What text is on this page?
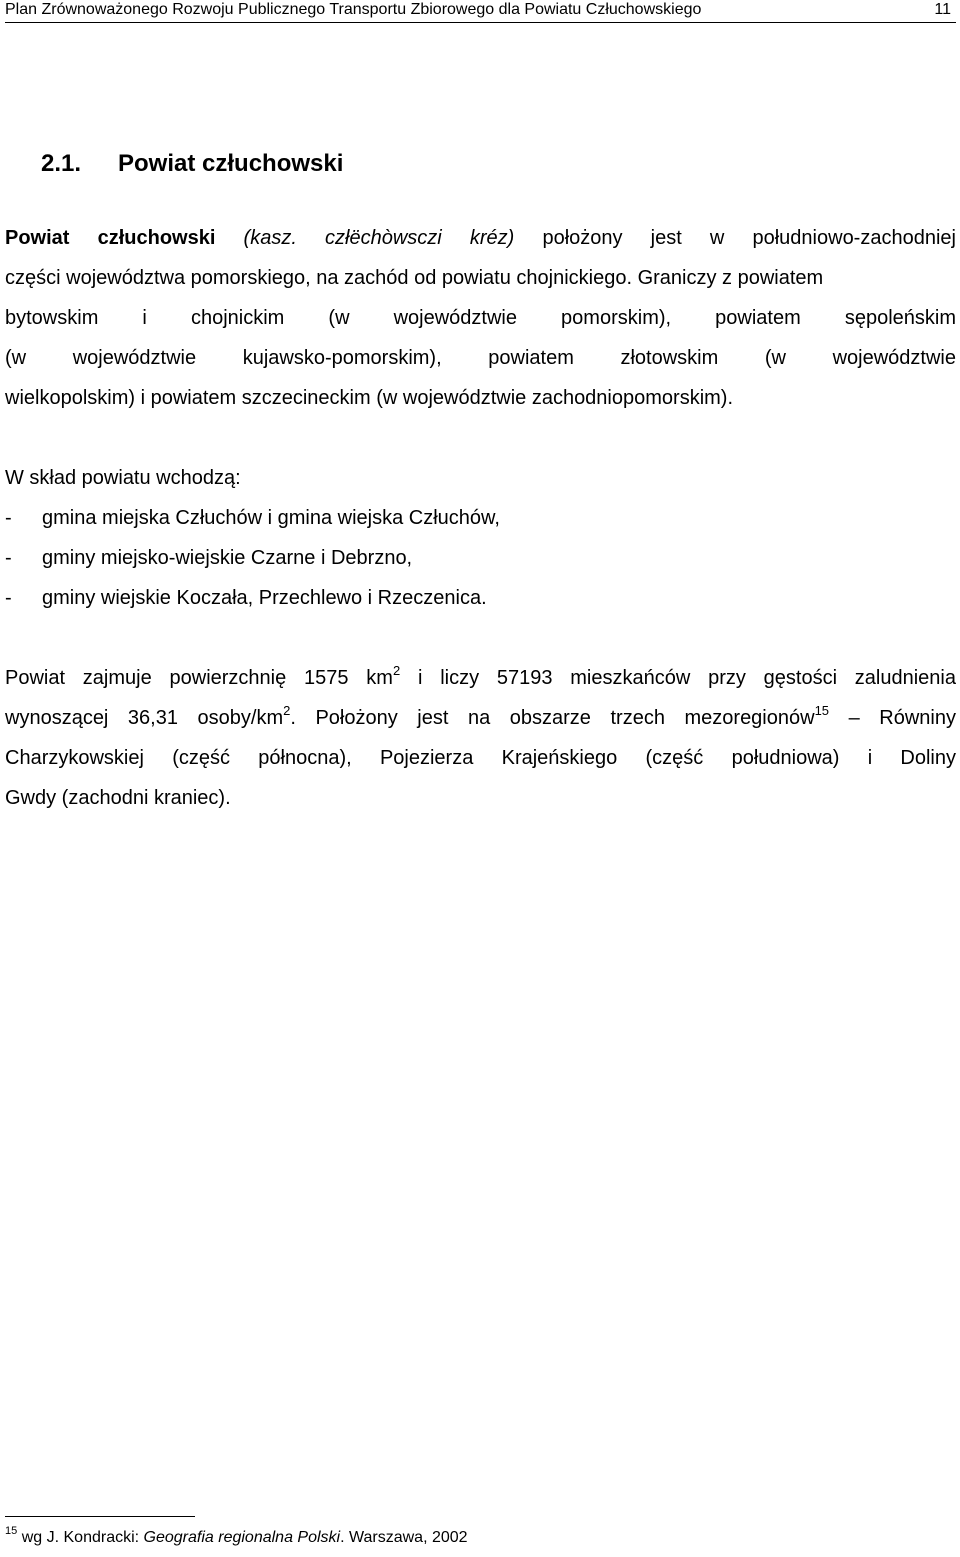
Plan Zrównoważonego Rozwoju Publicznego Transportu Zbiorowego dla Powiatu Człuchowskiego	11
2.1. Powiat człuchowski
Powiat człuchowski (kasz. człëchòwsczi kréz) położony jest w południowo-zachodniej
części województwa pomorskiego, na zachód od powiatu chojnickiego. Graniczy z powiatem
bytowskim i chojnickim (w województwie pomorskim), powiatem sępoleńskim
(w województwie kujawsko-pomorskim), powiatem złotowskim (w województwie
wielkopolskim) i powiatem szczecineckim (w województwie zachodniopomorskim).
W skład powiatu wchodzą:
- gmina miejska Człuchów i gmina wiejska Człuchów,
- gminy miejsko-wiejskie Czarne i Debrzno,
- gminy wiejskie Koczała, Przechlewo i Rzeczenica.
Powiat zajmuje powierzchnię 1575 $km^2$ i liczy 57193 mieszkańców przy gęstości zaludnienia
wynoszącej 36,31 osoby/$km^2$. Położony jest na obszarze trzech mezoregionów$^{15}$ – Równiny
Charzykowskiej (część północna), Pojezierza Krajeńskiego (część południowa) i Doliny
Gwdy (zachodni kraniec).
$^{15}$ wg J. Kondracki: Geografia regionalna Polski. Warszawa, 2002
